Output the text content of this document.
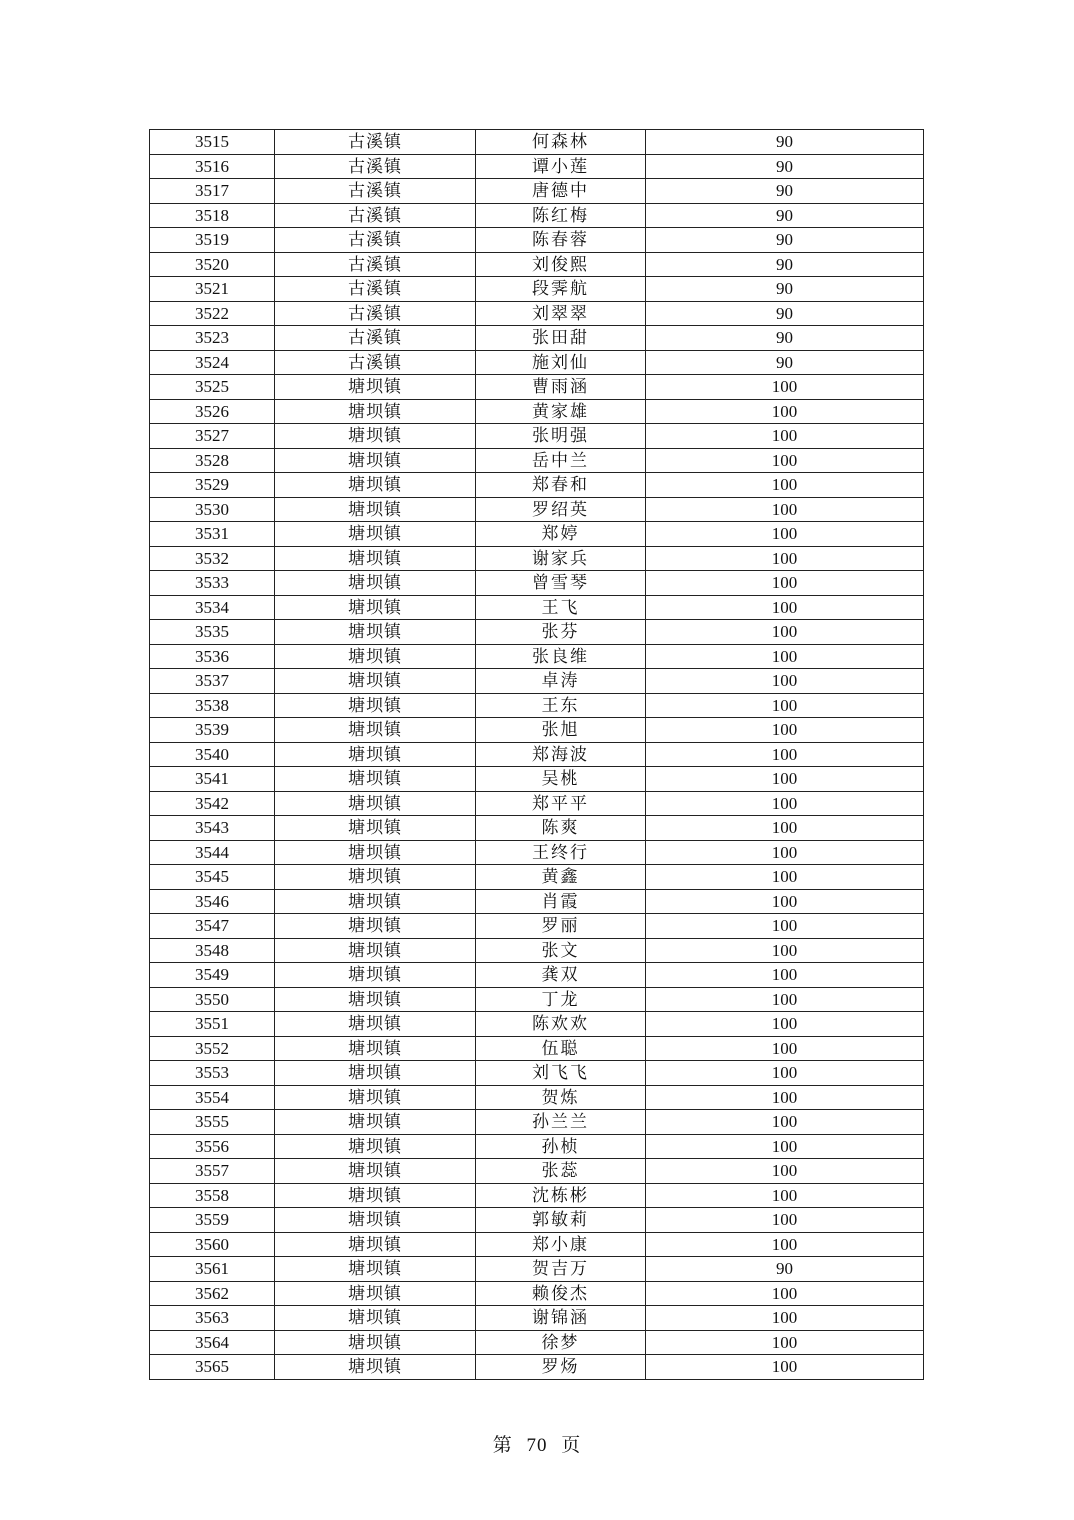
3515	古溪镇	何森林	90
3516	古溪镇	谭小莲	90
3517	古溪镇	唐德中	90
3518	古溪镇	陈红梅	90
3519	古溪镇	陈春蓉	90
3520	古溪镇	刘俊熙	90
3521	古溪镇	段霁航	90
3522	古溪镇	刘翠翠	90
3523	古溪镇	张田甜	90
3524	古溪镇	施刘仙	90
3525	塘坝镇	曹雨涵	100
3526	塘坝镇	黄家雄	100
3527	塘坝镇	张明强	100
3528	塘坝镇	岳中兰	100
3529	塘坝镇	郑春和	100
3530	塘坝镇	罗绍英	100
3531	塘坝镇	郑婷	100
3532	塘坝镇	谢家兵	100
3533	塘坝镇	曾雪琴	100
3534	塘坝镇	王飞	100
3535	塘坝镇	张芬	100
3536	塘坝镇	张良维	100
3537	塘坝镇	卓涛	100
3538	塘坝镇	王东	100
3539	塘坝镇	张旭	100
3540	塘坝镇	郑海波	100
3541	塘坝镇	吴桃	100
3542	塘坝镇	郑平平	100
3543	塘坝镇	陈爽	100
3544	塘坝镇	王终行	100
3545	塘坝镇	黄鑫	100
3546	塘坝镇	肖霞	100
3547	塘坝镇	罗丽	100
3548	塘坝镇	张文	100
3549	塘坝镇	龚双	100
3550	塘坝镇	丁龙	100
3551	塘坝镇	陈欢欢	100
3552	塘坝镇	伍聪	100
3553	塘坝镇	刘飞飞	100
3554	塘坝镇	贺炼	100
3555	塘坝镇	孙兰兰	100
3556	塘坝镇	孙桢	100
3557	塘坝镇	张蕊	100
3558	塘坝镇	沈栋彬	100
3559	塘坝镇	郭敏莉	100
3560	塘坝镇	郑小康	100
3561	塘坝镇	贺吉万	90
3562	塘坝镇	赖俊杰	100
3563	塘坝镇	谢锦涵	100
3564	塘坝镇	徐梦	100
3565	塘坝镇	罗炀	100
第 70 页
